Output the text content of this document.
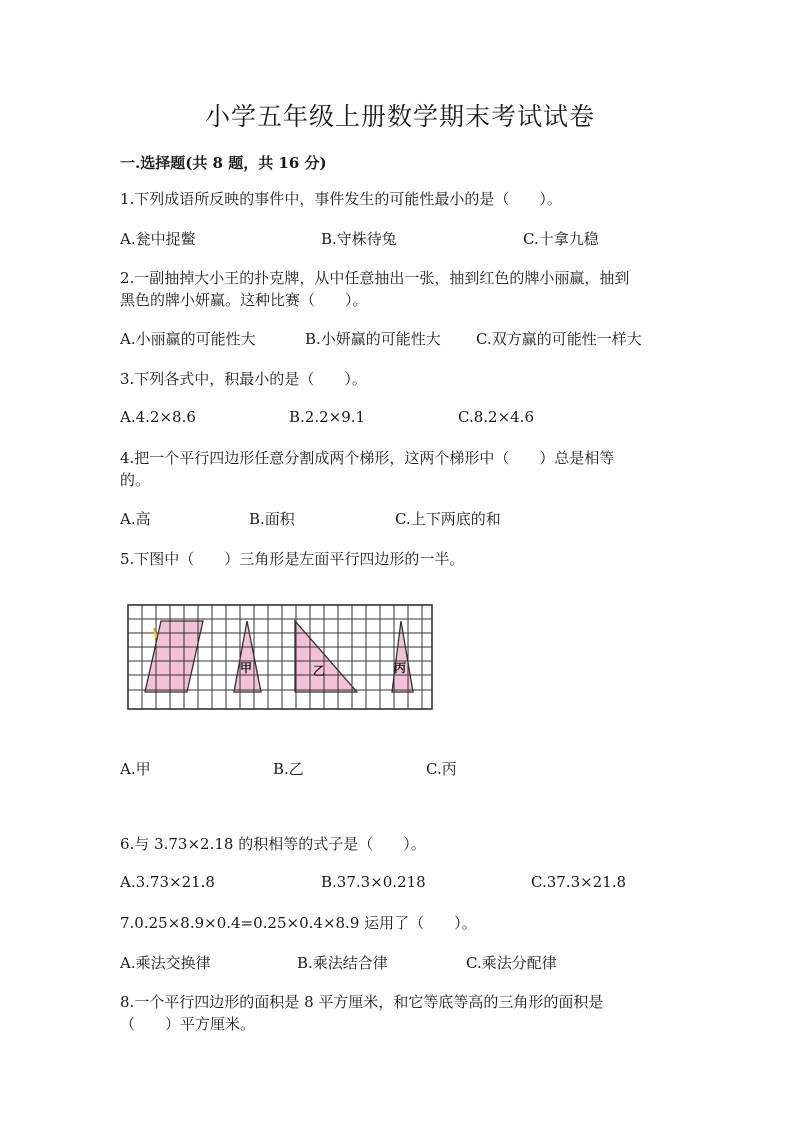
小学五年级上册数学期末考试试卷
一.选择题(共 8 题，共 16 分)
1.下列成语所反映的事件中，事件发生的可能性最小的是（　　）。
A.瓮中捉鳖	B.守株待兔	C.十拿九稳
2.一副抽掉大小王的扑克牌，从中任意抽出一张，抽到红色的牌小丽赢，抽到
黑色的牌小妍赢。这种比赛（　　）。
A.小丽赢的可能性大	B.小妍赢的可能性大 C.双方赢的可能性一样大
3.下列各式中，积最小的是（　　）。
A.4.2×8.6	B.2.2×9.1	C.8.2×4.6
4.把一个平行四边形任意分割成两个梯形，这两个梯形中（　　）总是相等
的。
A.高	B.面积	C.上下两底的和
5.下图中（　　）三角形是左面平行四边形的一半。
甲	乙	丙
A.甲	B.乙	C.丙
6.与 3.73×2.18 的积相等的式子是（　　）。
A.3.73×21.8	B.37.3×0.218	C.37.3×21.8
7.0.25×8.9×0.4=0.25×0.4×8.9 运用了（　　）。
A.乘法交换律	B.乘法结合律	C.乘法分配律
8.一个平行四边形的面积是 8 平方厘米，和它等底等高的三角形的面积是
（　　）平方厘米。
